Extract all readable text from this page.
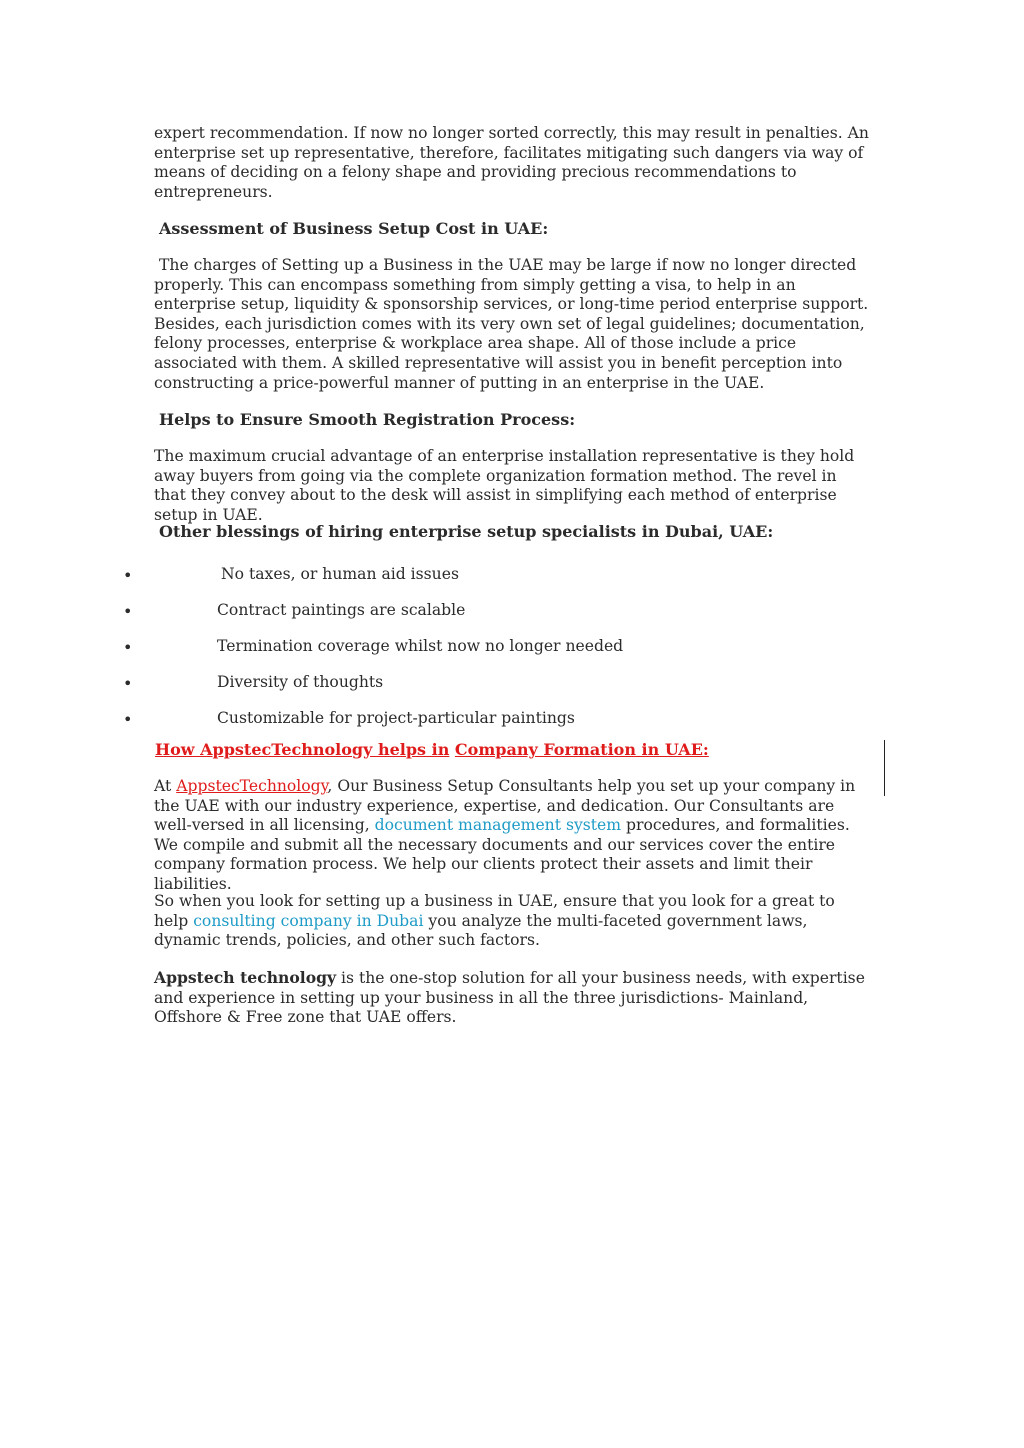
expert recommendation. If now no longer sorted correctly, this may result in penalties. An enterprise set up representative, therefore, facilitates mitigating such dangers via way of means of deciding on a felony shape and providing precious recommendations to entrepreneurs.

Assessment of Business Setup Cost in UAE:

The charges of Setting up a Business in the UAE may be large if now no longer directed properly. This can encompass something from simply getting a visa, to help in an enterprise setup, liquidity & sponsorship services, or long-time period enterprise support. Besides, each jurisdiction comes with its very own set of legal guidelines; documentation, felony processes, enterprise & workplace area shape. All of those include a price associated with them. A skilled representative will assist you in benefit perception into constructing a price-powerful manner of putting in an enterprise in the UAE.

Helps to Ensure Smooth Registration Process:

The maximum crucial advantage of an enterprise installation representative is they hold away buyers from going via the complete organization formation method. The revel in that they convey about to the desk will assist in simplifying each method of enterprise setup in UAE.

Other blessings of hiring enterprise setup specialists in Dubai, UAE:
•	No taxes, or human aid issues
•	Contract paintings are scalable
•	Termination coverage whilst now no longer needed
•	Diversity of thoughts
•	Customizable for project-particular paintings
How AppstecTechnology helps in Company Formation in UAE:

At AppstecTechnology, Our Business Setup Consultants help you set up your company in the UAE with our industry experience, expertise, and dedication. Our Consultants are well-versed in all licensing, document management system procedures, and formalities. We compile and submit all the necessary documents and our services cover the entire company formation process. We help our clients protect their assets and limit their liabilities.

So when you look for setting up a business in UAE, ensure that you look for a great to help consulting company in Dubai you analyze the multi-faceted government laws, dynamic trends, policies, and other such factors.

Appstech technology is the one-stop solution for all your business needs, with expertise and experience in setting up your business in all the three jurisdictions- Mainland, Offshore & Free zone that UAE offers.
